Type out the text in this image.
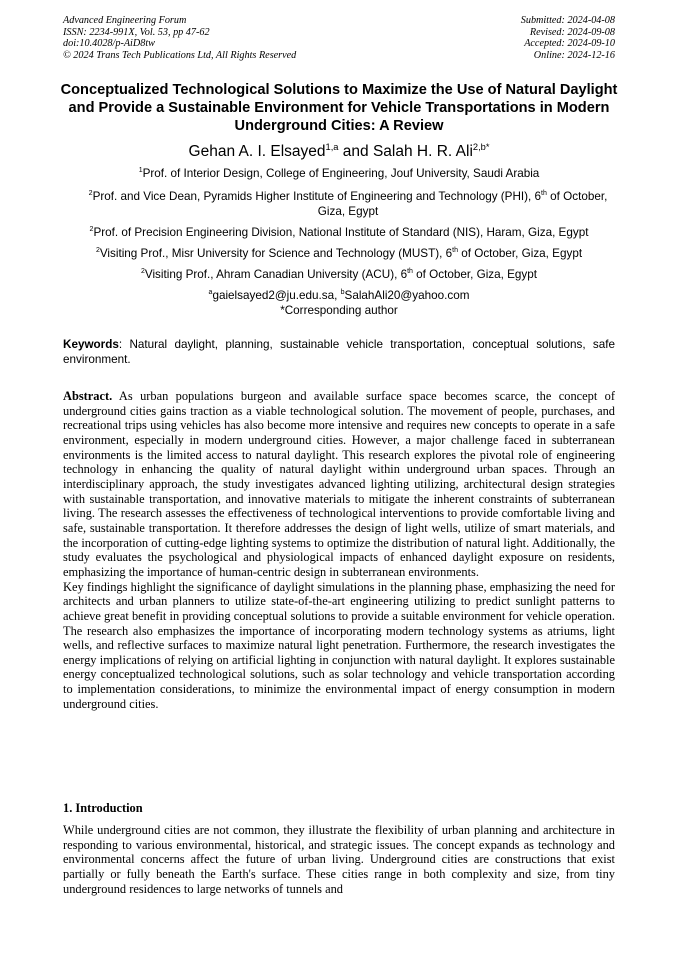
Advanced Engineering Forum
ISSN: 2234-991X, Vol. 53, pp 47-62
doi:10.4028/p-AiD8tw
© 2024 Trans Tech Publications Ltd, All Rights Reserved
Submitted: 2024-04-08
Revised: 2024-09-08
Accepted: 2024-09-10
Online: 2024-12-16
Conceptualized Technological Solutions to Maximize the Use of Natural Daylight and Provide a Sustainable Environment for Vehicle Transportations in Modern Underground Cities: A Review
Gehan A. I. Elsayed$^{1,a}$ and Salah H. R. Ali$^{2,b*}$
$^1$Prof. of Interior Design, College of Engineering, Jouf University, Saudi Arabia
$^2$Prof. and Vice Dean, Pyramids Higher Institute of Engineering and Technology (PHI), 6th of October, Giza, Egypt
$^2$Prof. of Precision Engineering Division, National Institute of Standard (NIS), Haram, Giza, Egypt
$^2$Visiting Prof., Misr University for Science and Technology (MUST), 6th of October, Giza, Egypt
$^2$Visiting Prof., Ahram Canadian University (ACU), 6th of October, Giza, Egypt
$^a$gaielsayed2@ju.edu.sa, $^b$SalahAli20@yahoo.com
*Corresponding author
Keywords: Natural daylight, planning, sustainable vehicle transportation, conceptual solutions, safe environment.

Abstract. As urban populations burgeon and available surface space becomes scarce, the concept of underground cities gains traction as a viable technological solution. The movement of people, purchases, and recreational trips using vehicles has also become more intensive and requires new concepts to operate in a safe environment, especially in modern underground cities. However, a major challenge faced in subterranean environments is the limited access to natural daylight. This research explores the pivotal role of engineering technology in enhancing the quality of natural daylight within underground urban spaces. Through an interdisciplinary approach, the study investigates advanced lighting utilizing, architectural design strategies with sustainable transportation, and innovative materials to mitigate the inherent constraints of subterranean living. The research assesses the effectiveness of technological interventions to provide comfortable living and safe, sustainable transportation. It therefore addresses the design of light wells, utilize of smart materials, and the incorporation of cutting-edge lighting systems to optimize the distribution of natural light. Additionally, the study evaluates the psychological and physiological impacts of enhanced daylight exposure on residents, emphasizing the importance of human-centric design in subterranean environments.

Key findings highlight the significance of daylight simulations in the planning phase, emphasizing the need for architects and urban planners to utilize state-of-the-art engineering utilizing to predict sunlight patterns to achieve great benefit in providing conceptual solutions to provide a suitable environment for vehicle operation. The research also emphasizes the importance of incorporating modern technology systems as atriums, light wells, and reflective surfaces to maximize natural light penetration. Furthermore, the research investigates the energy implications of relying on artificial lighting in conjunction with natural daylight. It explores sustainable energy conceptualized technological solutions, such as solar technology and vehicle transportation according to implementation considerations, to minimize the environmental impact of energy consumption in modern underground cities.

1. Introduction
While underground cities are not common, they illustrate the flexibility of urban planning and architecture in responding to various environmental, historical, and strategic issues. The concept expands as technology and environmental concerns affect the future of urban living. Underground cities are constructions that exist partially or fully beneath the Earth's surface. These cities range in both complexity and size, from tiny underground residences to large networks of tunnels and
